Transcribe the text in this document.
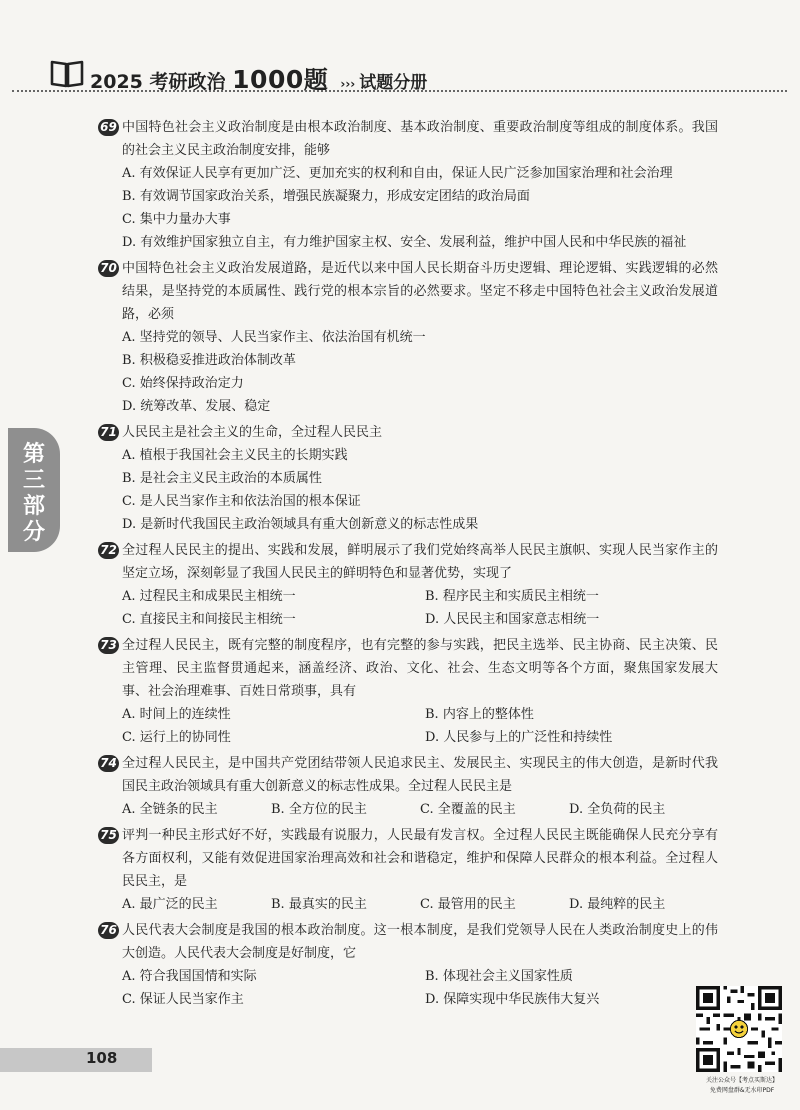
2025 考研政治 1000题 ››› 试题分册
第
三
部
分
69 中国特色社会主义政治制度是由根本政治制度、基本政治制度、重要政治制度等组成的制度体系。我国的社会主义民主政治制度安排，能够

A. 有效保证人民享有更加广泛、更加充实的权利和自由，保证人民广泛参加国家治理和社会治理
B. 有效调节国家政治关系，增强民族凝聚力，形成安定团结的政治局面
C. 集中力量办大事
D. 有效维护国家独立自主，有力维护国家主权、安全、发展利益，维护中国人民和中华民族的福祉
70 中国特色社会主义政治发展道路，是近代以来中国人民长期奋斗历史逻辑、理论逻辑、实践逻辑的必然结果，是坚持党的本质属性、践行党的根本宗旨的必然要求。坚定不移走中国特色社会主义政治发展道路，必须

A. 坚持党的领导、人民当家作主、依法治国有机统一
B. 积极稳妥推进政治体制改革
C. 始终保持政治定力
D. 统筹改革、发展、稳定
71 人民民主是社会主义的生命，全过程人民民主

A. 植根于我国社会主义民主的长期实践
B. 是社会主义民主政治的本质属性
C. 是人民当家作主和依法治国的根本保证
D. 是新时代我国民主政治领域具有重大创新意义的标志性成果
72 全过程人民民主的提出、实践和发展，鲜明展示了我们党始终高举人民民主旗帜、实现人民当家作主的坚定立场，深刻彰显了我国人民民主的鲜明特色和显著优势，实现了

A. 过程民主和成果民主相统一	B. 程序民主和实质民主相统一
C. 直接民主和间接民主相统一	D. 人民民主和国家意志相统一
73 全过程人民民主，既有完整的制度程序，也有完整的参与实践，把民主选举、民主协商、民主决策、民主管理、民主监督贯通起来，涵盖经济、政治、文化、社会、生态文明等各个方面，聚焦国家发展大事、社会治理难事、百姓日常琐事，具有

A. 时间上的连续性	B. 内容上的整体性
C. 运行上的协同性	D. 人民参与上的广泛性和持续性
74 全过程人民民主，是中国共产党团结带领人民追求民主、发展民主、实现民主的伟大创造，是新时代我国民主政治领域具有重大创新意义的标志性成果。全过程人民民主是

A. 全链条的民主	B. 全方位的民主	C. 全覆盖的民主	D. 全负荷的民主
75 评判一种民主形式好不好，实践最有说服力，人民最有发言权。全过程人民民主既能确保人民充分享有各方面权利，又能有效促进国家治理高效和社会和谐稳定，维护和保障人民群众的根本利益。全过程人民民主，是

A. 最广泛的民主	B. 最真实的民主	C. 最管用的民主	D. 最纯粹的民主
76 人民代表大会制度是我国的根本政治制度。这一根本制度，是我们党领导人民在人类政治制度史上的伟大创造。人民代表大会制度是好制度，它

A. 符合我国国情和实际	B. 体现社会主义国家性质
C. 保证人民当家作主	D. 保障实现中华民族伟大复兴
108
关注公众号【考点买斯达】
免费网盘群&无水印PDF
